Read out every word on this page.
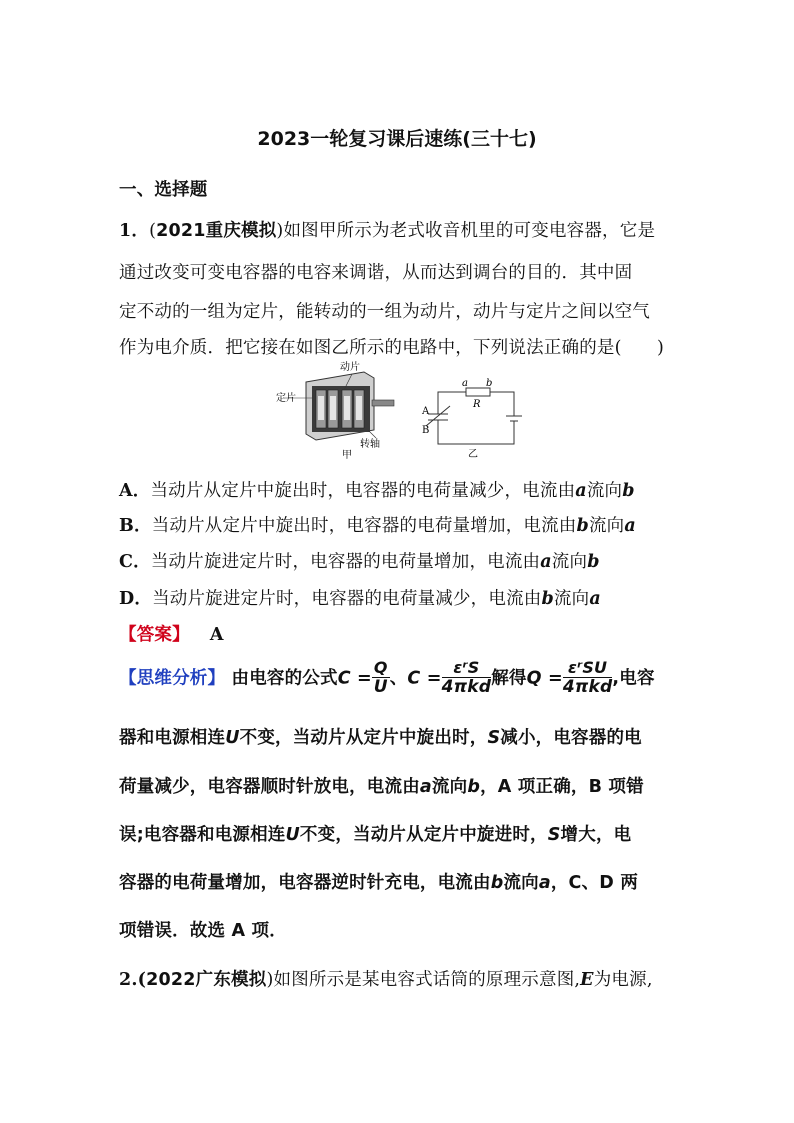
2023一轮复习课后速练(三十七)
一、选择题
1．(2021重庆模拟)如图甲所示为老式收音机里的可变电容器，它是
通过改变可变电容器的电容来调谐，从而达到调台的目的．其中固
定不动的一组为定片，能转动的一组为动片，动片与定片之间以空气
作为电介质．把它接在如图乙所示的电路中，下列说法正确的是(　　)
定片
动片
转轴
甲
a b
R
A
B
乙
A．当动片从定片中旋出时，电容器的电荷量减少，电流由a流向b
B．当动片从定片中旋出时，电容器的电荷量增加，电流由b流向a
C．当动片旋进定片时，电容器的电荷量增加，电流由a流向b
D．当动片旋进定片时，电容器的电荷量减少，电流由b流向a
【答案】 A
【思维分析】 由电容的公式$C = \frac{Q}{U}$ 、$C = \frac{\text{εʳS}}{\text{4πkd}}$ 解得$Q = \frac{\text{εʳSU}}{\text{4πkd}}$ ,电容
器和电源相连U不变，当动片从定片中旋出时，S减小，电容器的电
荷量减少，电容器顺时针放电，电流由a流向b，A 项正确，B 项错
误;电容器和电源相连U不变，当动片从定片中旋进时，S增大，电
容器的电荷量增加，电容器逆时针充电，电流由b流向a，C、D 两
项错误．故选 A 项．
2.(2022广东模拟)如图所示是某电容式话筒的原理示意图,E为电源,
